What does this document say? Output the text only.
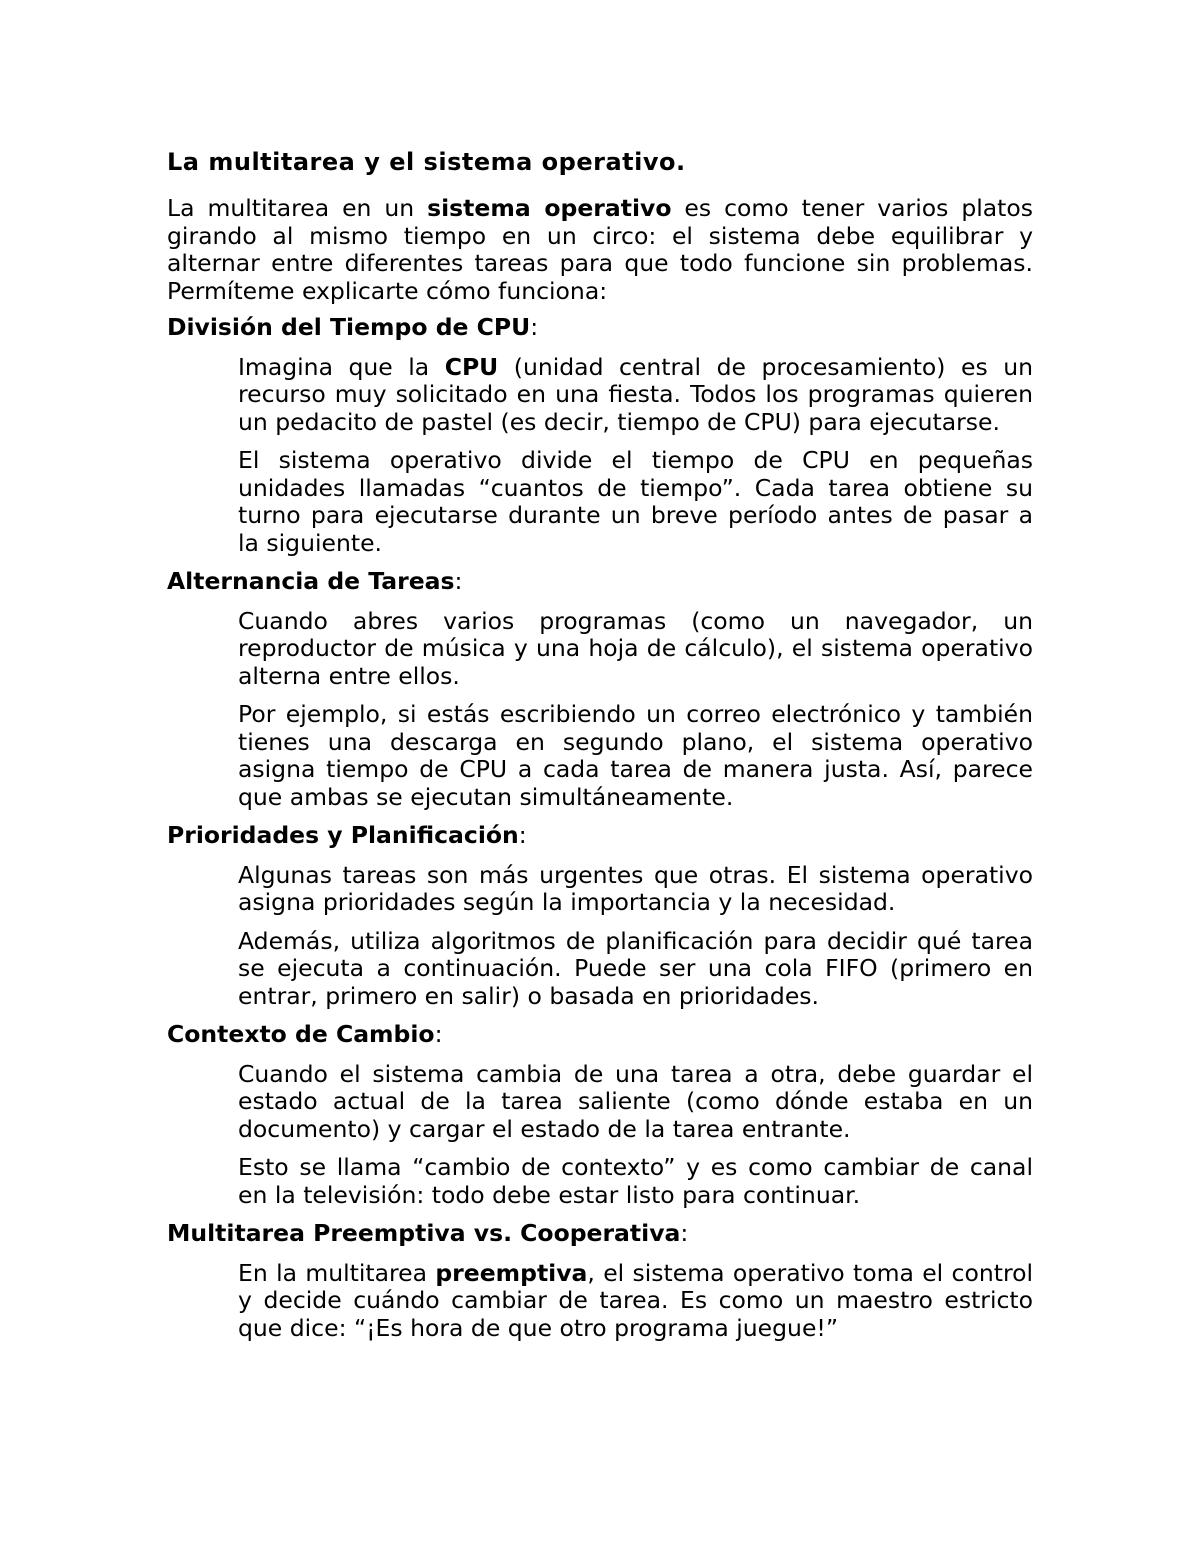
La multitarea y el sistema operativo.

La multitarea en un sistema operativo es como tener varios platos girando al mismo tiempo en un circo: el sistema debe equilibrar y alternar entre diferentes tareas para que todo funcione sin problemas. Permíteme explicarte cómo funciona:

División del Tiempo de CPU:

Imagina que la CPU (unidad central de procesamiento) es un recurso muy solicitado en una fiesta. Todos los programas quieren un pedacito de pastel (es decir, tiempo de CPU) para ejecutarse.

El sistema operativo divide el tiempo de CPU en pequeñas unidades llamadas “cuantos de tiempo”. Cada tarea obtiene su turno para ejecutarse durante un breve período antes de pasar a la siguiente.

Alternancia de Tareas:

Cuando abres varios programas (como un navegador, un reproductor de música y una hoja de cálculo), el sistema operativo alterna entre ellos.

Por ejemplo, si estás escribiendo un correo electrónico y también tienes una descarga en segundo plano, el sistema operativo asigna tiempo de CPU a cada tarea de manera justa. Así, parece que ambas se ejecutan simultáneamente.

Prioridades y Planificación:

Algunas tareas son más urgentes que otras. El sistema operativo asigna prioridades según la importancia y la necesidad.

Además, utiliza algoritmos de planificación para decidir qué tarea se ejecuta a continuación. Puede ser una cola FIFO (primero en entrar, primero en salir) o basada en prioridades.

Contexto de Cambio:

Cuando el sistema cambia de una tarea a otra, debe guardar el estado actual de la tarea saliente (como dónde estaba en un documento) y cargar el estado de la tarea entrante.

Esto se llama “cambio de contexto” y es como cambiar de canal en la televisión: todo debe estar listo para continuar.

Multitarea Preemptiva vs. Cooperativa:

En la multitarea preemptiva, el sistema operativo toma el control y decide cuándo cambiar de tarea. Es como un maestro estricto que dice: “¡Es hora de que otro programa juegue!”
